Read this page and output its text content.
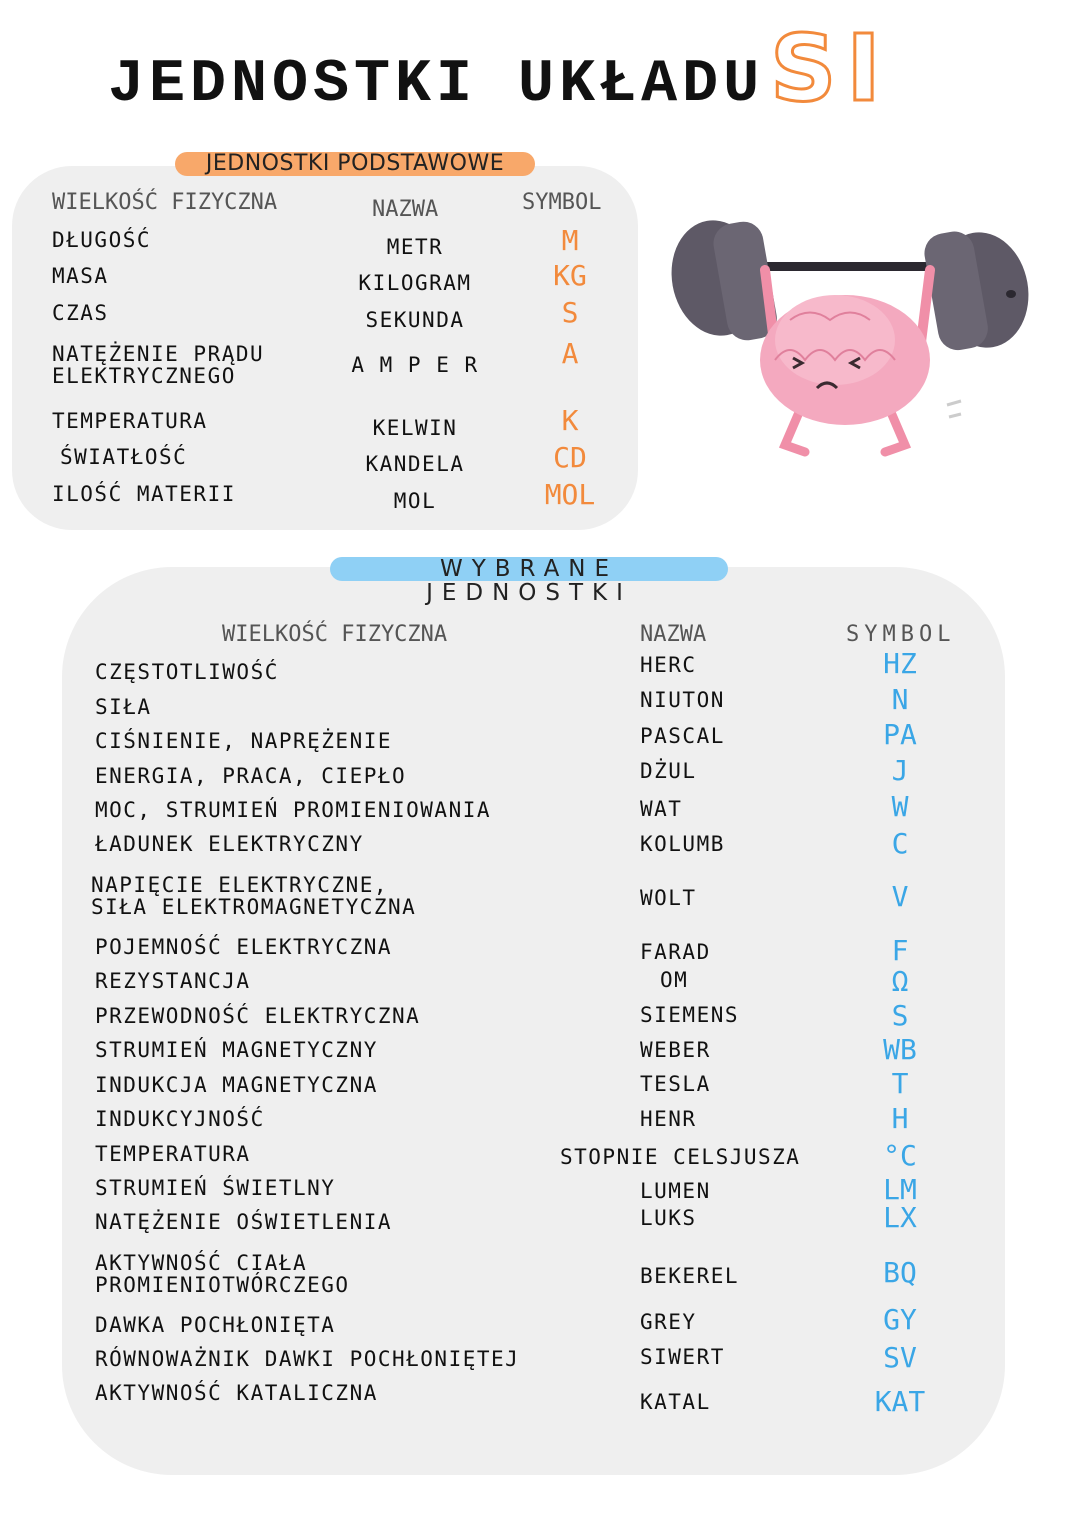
JEDNOSTKI UKŁADU SI
JEDNOSTKI PODSTAWOWE
WIELKOŚĆ FIZYCZNA	NAZWA	SYMBOL
DŁUGOŚĆ	METR	M
MASA	KILOGRAM	KG
CZAS	SEKUNDA	S
NATĘŻENIE PRĄDU
ELEKTRYCZNEGO	A M P E R	A
TEMPERATURA	KELWIN	K
ŚWIATŁOŚĆ	KANDELA	CD
ILOŚĆ MATERII	MOL	MOL
WYBRANE JEDNOSTKI
WIELKOŚĆ FIZYCZNA	NAZWA	SYMBOL
CZĘSTOTLIWOŚĆ	HERC	HZ
SIŁA	NIUTON	N
CIŚNIENIE, NAPRĘŻENIE	PASCAL	PA
ENERGIA, PRACA, CIEPŁO	DŻUL	J
MOC, STRUMIEŃ PROMIENIOWANIA	WAT	W
ŁADUNEK ELEKTRYCZNY	KOLUMB	C
NAPIĘCIE ELEKTRYCZNE,
SIŁA ELEKTROMAGNETYCZNA	WOLT	V
POJEMNOŚĆ ELEKTRYCZNA	FARAD	F
REZYSTANCJA	OM	Ω
PRZEWODNOŚĆ ELEKTRYCZNA	SIEMENS	S
STRUMIEŃ MAGNETYCZNY	WEBER	WB
INDUKCJA MAGNETYCZNA	TESLA	T
INDUKCYJNOŚĆ	HENR	H
TEMPERATURA	STOPNIE CELSJUSZA	°C
STRUMIEŃ ŚWIETLNY	LUMEN	LM
NATĘŻENIE OŚWIETLENIA	LUKS	LX
AKTYWNOŚĆ CIAŁA
PROMIENIOTWÓRCZEGO	BEKEREL	BQ
DAWKA POCHŁONIĘTA	GREY	GY
RÓWNOWAŻNIK DAWKI POCHŁONIĘTEJ	SIWERT	SV
AKTYWNOŚĆ KATALICZNA	KATAL	KAT
